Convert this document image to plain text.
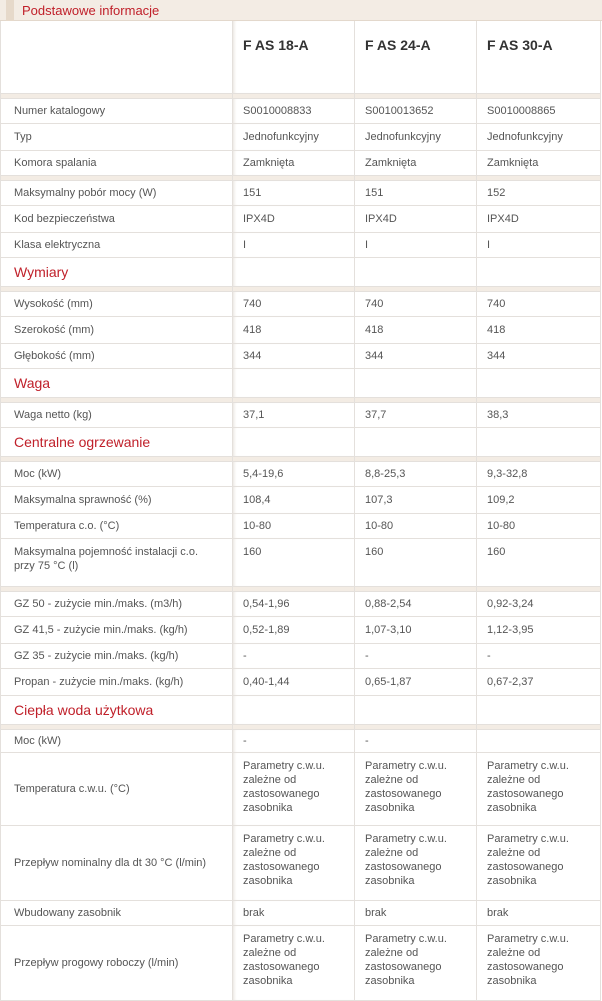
Podstawowe informacje
	F AS 18-A	F AS 24-A	F AS 30-A

Numer katalogowy	S0010008833	S0010013652	S0010008865
Typ	Jednofunkcyjny	Jednofunkcyjny	Jednofunkcyjny
Komora spalania	Zamknięta	Zamknięta	Zamknięta

Maksymalny pobór mocy (W)	151	151	152
Kod bezpieczeństwa	IPX4D	IPX4D	IPX4D
Klasa elektryczna	I	I	I
Wymiary			

Wysokość (mm)	740	740	740
Szerokość (mm)	418	418	418
Głębokość (mm)	344	344	344
Waga			

Waga netto (kg)	37,1	37,7	38,3
Centralne ogrzewanie			

Moc (kW)	5,4-19,6	8,8-25,3	9,3-32,8
Maksymalna sprawność (%)	108,4	107,3	109,2
Temperatura c.o. (°C)	10-80	10-80	10-80

Maksymalna pojemność instalacji c.o.
przy 75 °C (l)	160	160	160

GZ 50 - zużycie min./maks. (m3/h)	0,54-1,96	0,88-2,54	0,92-3,24
GZ 41,5 - zużycie min./maks. (kg/h)	0,52-1,89	1,07-3,10	1,12-3,95
GZ 35 - zużycie min./maks. (kg/h)	-	-	-
Propan - zużycie min./maks. (kg/h)	0,40-1,44	0,65-1,87	0,67-2,37
Ciepła woda użytkowa			

Moc (kW)	-	-	
Temperatura c.w.u. (°C)	Parametry c.w.u.
zależne od
zastosowanego
zasobnika	Parametry c.w.u.
zależne od
zastosowanego
zasobnika	Parametry c.w.u.
zależne od
zastosowanego
zasobnika

Przepływ nominalny dla dt 30 °C (l/min)	Parametry c.w.u.
zależne od
zastosowanego
zasobnika	Parametry c.w.u.
zależne od
zastosowanego
zasobnika	Parametry c.w.u.
zależne od
zastosowanego
zasobnika

Wbudowany zasobnik	brak	brak	brak
Przepływ progowy roboczy (l/min)	Parametry c.w.u.
zależne od
zastosowanego
zasobnika	Parametry c.w.u.
zależne od
zastosowanego
zasobnika	Parametry c.w.u.
zależne od
zastosowanego
zasobnika
